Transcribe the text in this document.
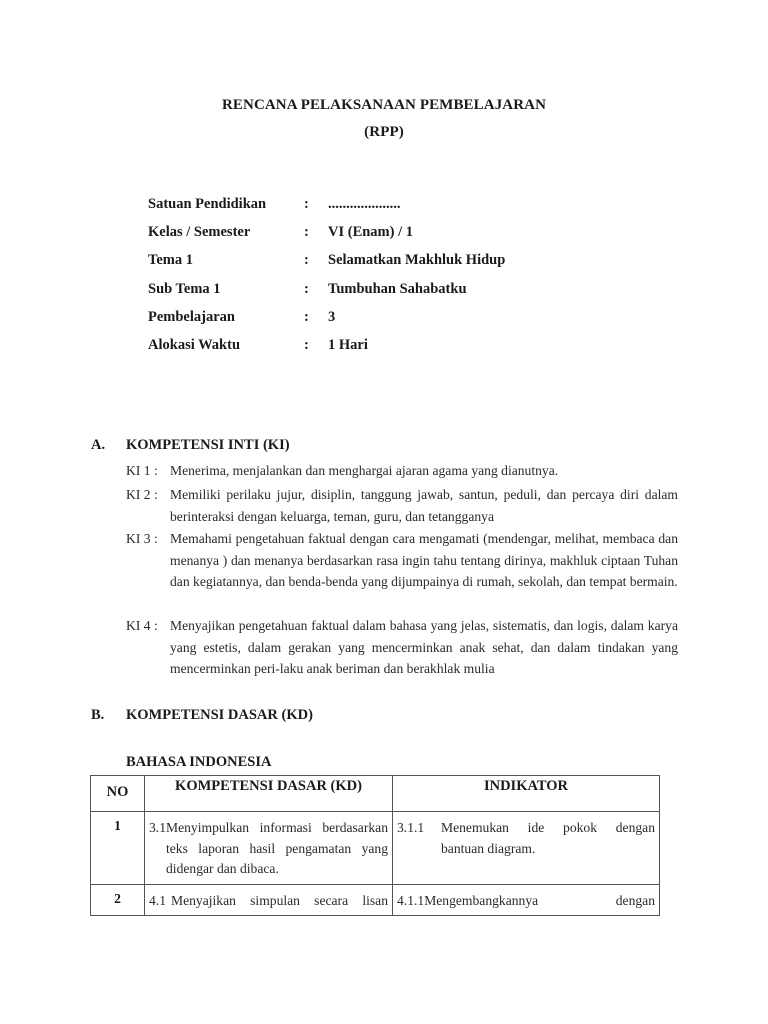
RENCANA PELAKSANAAN PEMBELAJARAN
(RPP)
Satuan Pendidikan	: ....................
Kelas / Semester	: VI (Enam) / 1
Tema 1	: Selamatkan Makhluk Hidup
Sub Tema 1	: Tumbuhan Sahabatku
Pembelajaran	: 3
Alokasi Waktu	: 1 Hari
A. KOMPETENSI INTI (KI)
KI 1 : Menerima, menjalankan dan menghargai ajaran agama yang dianutnya.
KI 2 : Memiliki perilaku jujur, disiplin, tanggung jawab, santun, peduli, dan percaya diri dalam berinteraksi dengan keluarga, teman, guru, dan tetangganya
KI 3 : Memahami pengetahuan faktual dengan cara mengamati (mendengar, melihat, membaca dan menanya ) dan menanya berdasarkan rasa ingin tahu tentang dirinya, makhluk ciptaan Tuhan dan kegiatannya, dan benda-benda yang dijumpainya di rumah, sekolah, dan tempat bermain.
KI 4 : Menyajikan pengetahuan faktual dalam bahasa yang jelas, sistematis, dan logis, dalam karya yang estetis, dalam gerakan yang mencerminkan anak sehat, dan dalam tindakan yang mencerminkan peri-laku anak beriman dan berakhlak mulia
B. KOMPETENSI DASAR (KD)
BAHASA INDONESIA
NO	KOMPETENSI DASAR (KD)	INDIKATOR
1	3.1 Menyimpulkan informasi berdasarkan teks laporan hasil pengamatan yang didengar dan dibaca.	3.1.1 Menemukan ide pokok dengan bantuan diagram.

2	4.1 Menyajikan simpulan secara lisan	4.1.1 Mengembangkannya dengan
